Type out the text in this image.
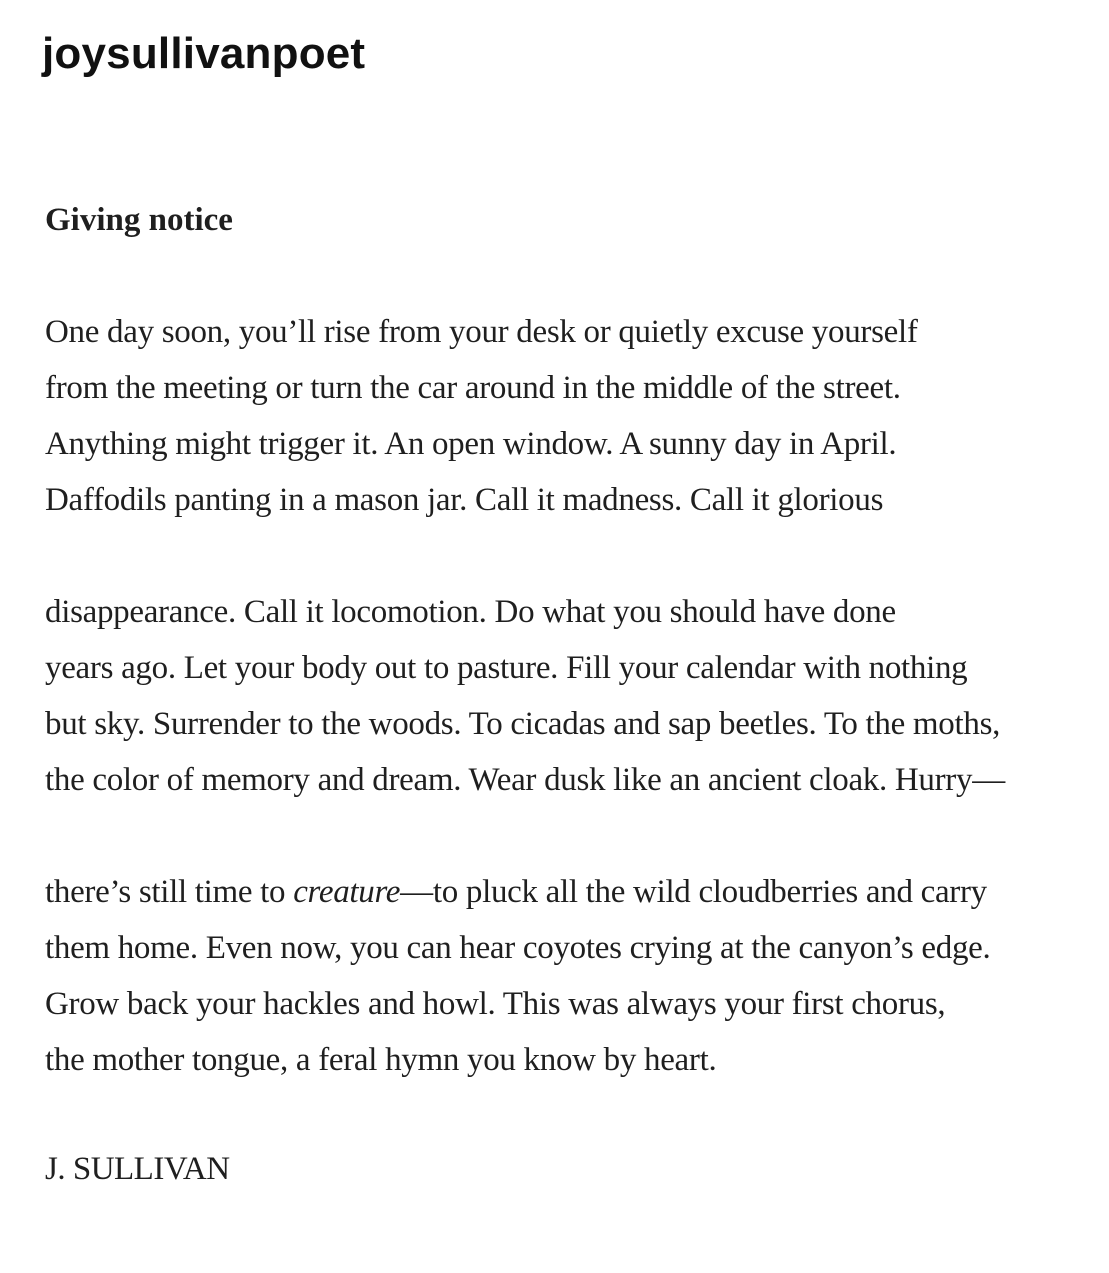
joysullivanpoet
Giving notice
One day soon, you’ll rise from your desk or quietly excuse yourself
from the meeting or turn the car around in the middle of the street.
Anything might trigger it. An open window. A sunny day in April.
Daffodils panting in a mason jar. Call it madness. Call it glorious
disappearance. Call it locomotion. Do what you should have done
years ago. Let your body out to pasture. Fill your calendar with nothing
but sky. Surrender to the woods. To cicadas and sap beetles. To the moths,
the color of memory and dream. Wear dusk like an ancient cloak. Hurry—
there’s still time to creature—to pluck all the wild cloudberries and carry
them home. Even now, you can hear coyotes crying at the canyon’s edge.
Grow back your hackles and howl. This was always your first chorus,
the mother tongue, a feral hymn you know by heart.
J. SULLIVAN
